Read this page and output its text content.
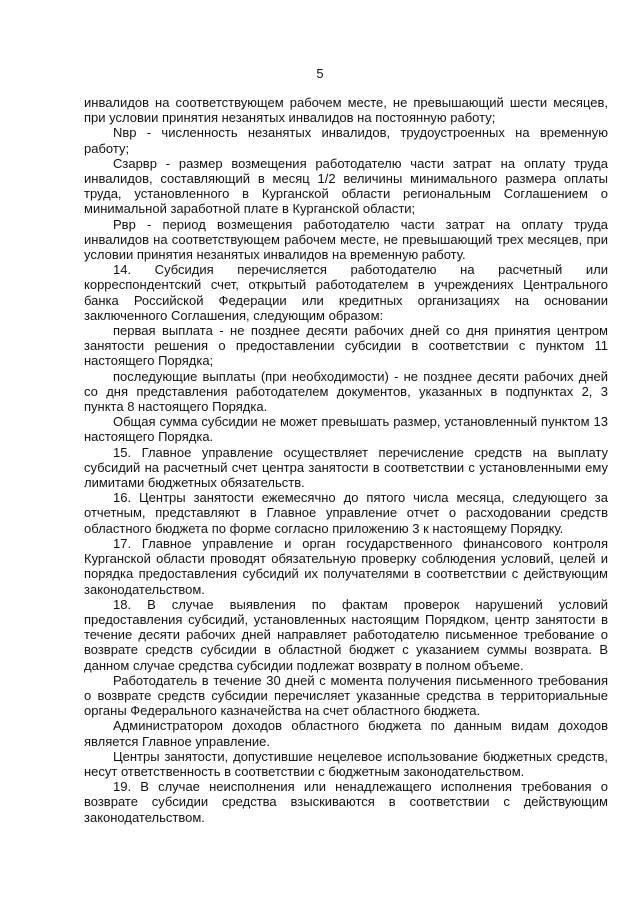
5

инвалидов на соответствующем рабочем месте, не превышающий шести месяцев, при условии принятия незанятых инвалидов на постоянную работу;

Nвр - численность незанятых инвалидов, трудоустроенных на временную работу;

Сзарвр - размер возмещения работодателю части затрат на оплату труда инвалидов, составляющий в месяц 1/2 величины минимального размера оплаты труда, установленного в Курганской области региональным Соглашением о минимальной заработной плате в Курганской области;

Рвр - период возмещения работодателю части затрат на оплату труда инвалидов на соответствующем рабочем месте, не превышающий трех месяцев, при условии принятия незанятых инвалидов на временную работу.

14. Субсидия перечисляется работодателю на расчетный или корреспондентский счет, открытый работодателем в учреждениях Центрального банка Российской Федерации или кредитных организациях на основании заключенного Соглашения, следующим образом:

первая выплата - не позднее десяти рабочих дней со дня принятия центром занятости решения о предоставлении субсидии в соответствии с пунктом 11 настоящего Порядка;

последующие выплаты (при необходимости) - не позднее десяти рабочих дней со дня представления работодателем документов, указанных в подпунктах 2, 3 пункта 8 настоящего Порядка.

Общая сумма субсидии не может превышать размер, установленный пунктом 13 настоящего Порядка.

15. Главное управление осуществляет перечисление средств на выплату субсидий на расчетный счет центра занятости в соответствии с установленными ему лимитами бюджетных обязательств.

16. Центры занятости ежемесячно до пятого числа месяца, следующего за отчетным, представляют в Главное управление отчет о расходовании средств областного бюджета по форме согласно приложению 3 к настоящему Порядку.

17. Главное управление и орган государственного финансового контроля Курганской области проводят обязательную проверку соблюдения условий, целей и порядка предоставления субсидий их получателями в соответствии с действующим законодательством.

18. В случае выявления по фактам проверок нарушений условий предоставления субсидий, установленных настоящим Порядком, центр занятости в течение десяти рабочих дней направляет работодателю письменное требование о возврате средств субсидии в областной бюджет с указанием суммы возврата. В данном случае средства субсидии подлежат возврату в полном объеме.

Работодатель в течение 30 дней с момента получения письменного требования о возврате средств субсидии перечисляет указанные средства в территориальные органы Федерального казначейства на счет областного бюджета.

Администратором доходов областного бюджета по данным видам доходов является Главное управление.

Центры занятости, допустившие нецелевое использование бюджетных средств, несут ответственность в соответствии с бюджетным законодательством.

19. В случае неисполнения или ненадлежащего исполнения требования о возврате субсидии средства взыскиваются в соответствии с действующим законодательством.
